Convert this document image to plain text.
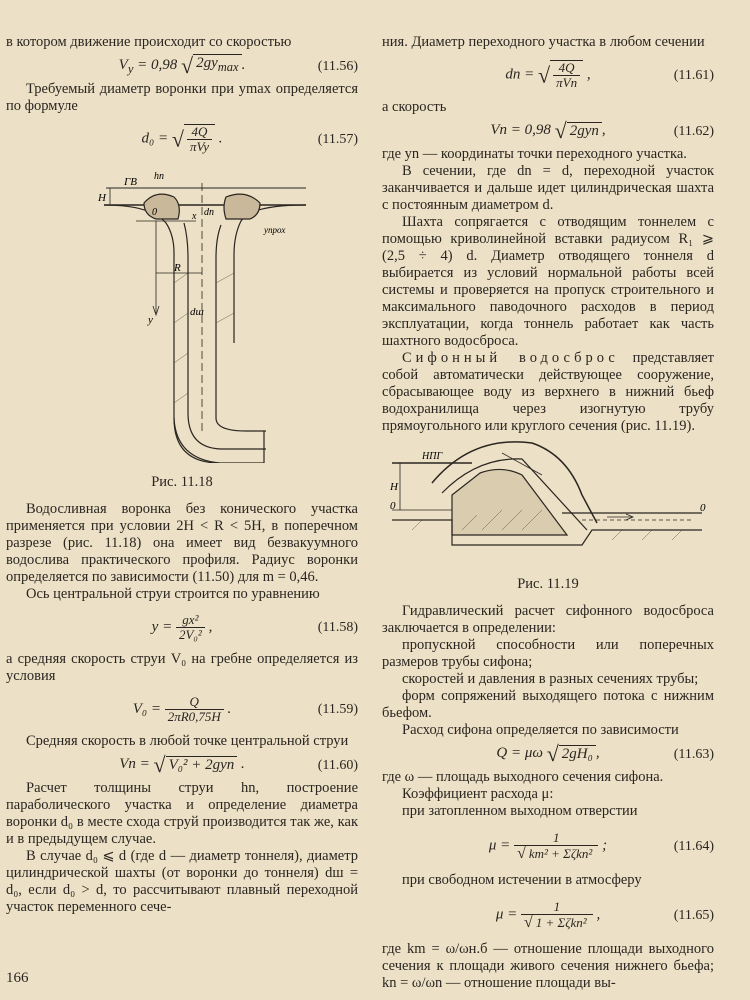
в котором движение происходит со скоростью

$V_y = 0,98$ √ $2gy_{max}$ .	(11.56)

Требуемый диаметр воронки при ymax определяется по формуле

d₀ = √ $\frac{4Q}{\text{πVy}}$ .	(11.57)
ГВ
H
hп
0	dп
R
y
x
yпрох
dш
Рис. 11.18

Водосливная воронка без конического участка применяется при условии 2H < R < 5H, в поперечном разрезе (рис. 11.18) она имеет вид безвакуумного водослива практического профиля. Радиус воронки определяется по зависимости (11.50) для m = 0,46.

Ось центральной струи строится по уравнению

$y = \frac{\text{gx²}}{\text{2V₀²}}$ ,	(11.58)

а средняя скорость струи V₀ на гребне определяется из условия

$V_0 = \frac{Q}{2\pi R0,75H}$ .	(11.59)

Средняя скорость в любой точке центральной струи

Vn = √ V₀² + 2gyn .	(11.60)

Расчет толщины струи hn, построение параболического участка и определение диаметра воронки d₀ в месте схода струй производится так же, как и в предыдущем случае.

В случае d₀ ⩽ d (где d — диаметр тоннеля), диаметр цилиндрической шахты (от воронки до тоннеля) dш = d₀, если d₀ > d, то рассчитывают плавный переходной участок переменного сече-

ния. Диаметр переходного участка в любом сечении

dn = √ $\frac{4Q}{\text{πVn}}$ ,	(11.61)

а скорость

Vn = 0,98 √ 2gyn ,	(11.62)

где yn — координаты точки переходного участка.

В сечении, где dn = d, переходной участок заканчивается и дальше идет цилиндрическая шахта с постоянным диаметром d.

Шахта сопрягается с отводящим тоннелем с помощью криволинейной вставки радиусом R₁ ⩾ (2,5 ÷ 4) d. Диаметр отводящего тоннеля d выбирается из условий нормальной работы всей системы и проверяется на пропуск строительного и максимального паводочного расходов в период эксплуатации, когда тоннель работает как часть шахтного водосброса.

Сифонный водосброс представляет собой автоматически действующее сооружение, сбрасывающее воду из верхнего в нижний бьеф водохранилища через изогнутую трубу прямоугольного или круглого сечения (рис. 11.19).

НПГ
H
0	0
Рис. 11.19

Гидравлический расчет сифонного водосброса заключается в определении:

пропускной способности или поперечных размеров трубы сифона;

скоростей и давления в разных сечениях трубы;

форм сопряжений выходящего потока с нижним бьефом.

Расход сифона определяется по зависимости

Q = μω √ 2gH₀ ,	(11.63)

где ω — площадь выходного сечения сифона.

Коэффициент расхода μ:

при затопленном выходном отверстии

$\mu = \frac{1}{\text{√ km² + Σζkn²}}$ ;	(11.64)

при свободном истечении в атмосферу

$\mu = \frac{1}{\text{√ 1 + Σζkn²}}$ ,	(11.65)

где km = ω/ωн.б — отношение площади выходного сечения к площади живого сечения нижнего бьефа; kn = ω/ωn — отношение площади вы-

166
